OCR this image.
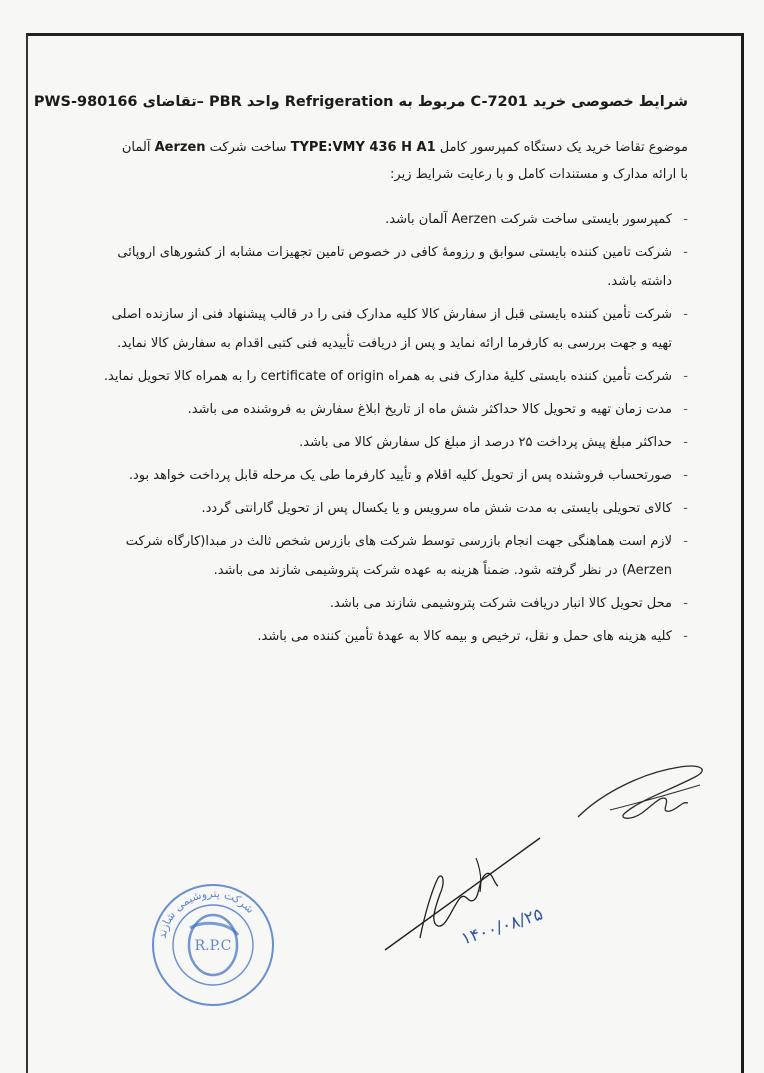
شرایط خصوصی خرید C-7201 مربوط به Refrigeration واحد PBR –تقاضای PWS-980166

موضوع تقاضا خرید یک دستگاه کمپرسور کامل TYPE:VMY 436 H A1 ساخت شرکت Aerzen آلمان

با ارائه مدارک و مستندات کامل و با رعایت شرایط زیر:

-
کمپرسور بایستی ساخت شرکت Aerzen آلمان باشد.
-
شرکت تامین کننده بایستی سوابق و رزومهٔ کافی در خصوص تامین تجهیزات مشابه از کشورهای اروپائی داشته باشد.
-
شرکت تأمین کننده بایستی قبل از سفارش کالا کلیه مدارک فنی را در قالب پیشنهاد فنی از سازنده اصلی تهیه و جهت بررسی به کارفرما ارائه نماید و پس از دریافت تأییدیه فنی کتبی اقدام به سفارش کالا نماید.
-
شرکت تأمین کننده بایستی کلیهٔ مدارک فنی به همراه certificate of origin را به همراه کالا تحویل نماید.
-
مدت زمان تهیه و تحویل کالا حداکثر شش ماه از تاریخ ابلاغ سفارش به فروشنده می باشد.
-
حداکثر مبلغ پیش پرداخت ۲۵ درصد از مبلغ کل سفارش کالا می باشد.
-
صورتحساب فروشنده پس از تحویل کلیه اقلام و تأیید کارفرما طی یک مرحله قابل پرداخت خواهد بود.
-
کالای تحویلی بایستی به مدت شش ماه سرویس و یا یکسال پس از تحویل گارانتی گردد.
-
لازم است هماهنگی جهت انجام بازرسی توسط شرکت های بازرس شخص ثالث در مبدا(کارگاه شرکت Aerzen) در نظر گرفته شود. ضمناً هزینه به عهده شرکت پتروشیمی شازند می باشد.
-
محل تحویل کالا انبار دریافت شرکت پتروشیمی شازند می باشد.
-
کلیه هزینه های حمل و نقل، ترخیص و بیمه کالا به عهدهٔ تأمین کننده می باشد.
۱۴۰۰/۰۸/۲۵
شرکت پتروشیمی شازند
R.P.C
